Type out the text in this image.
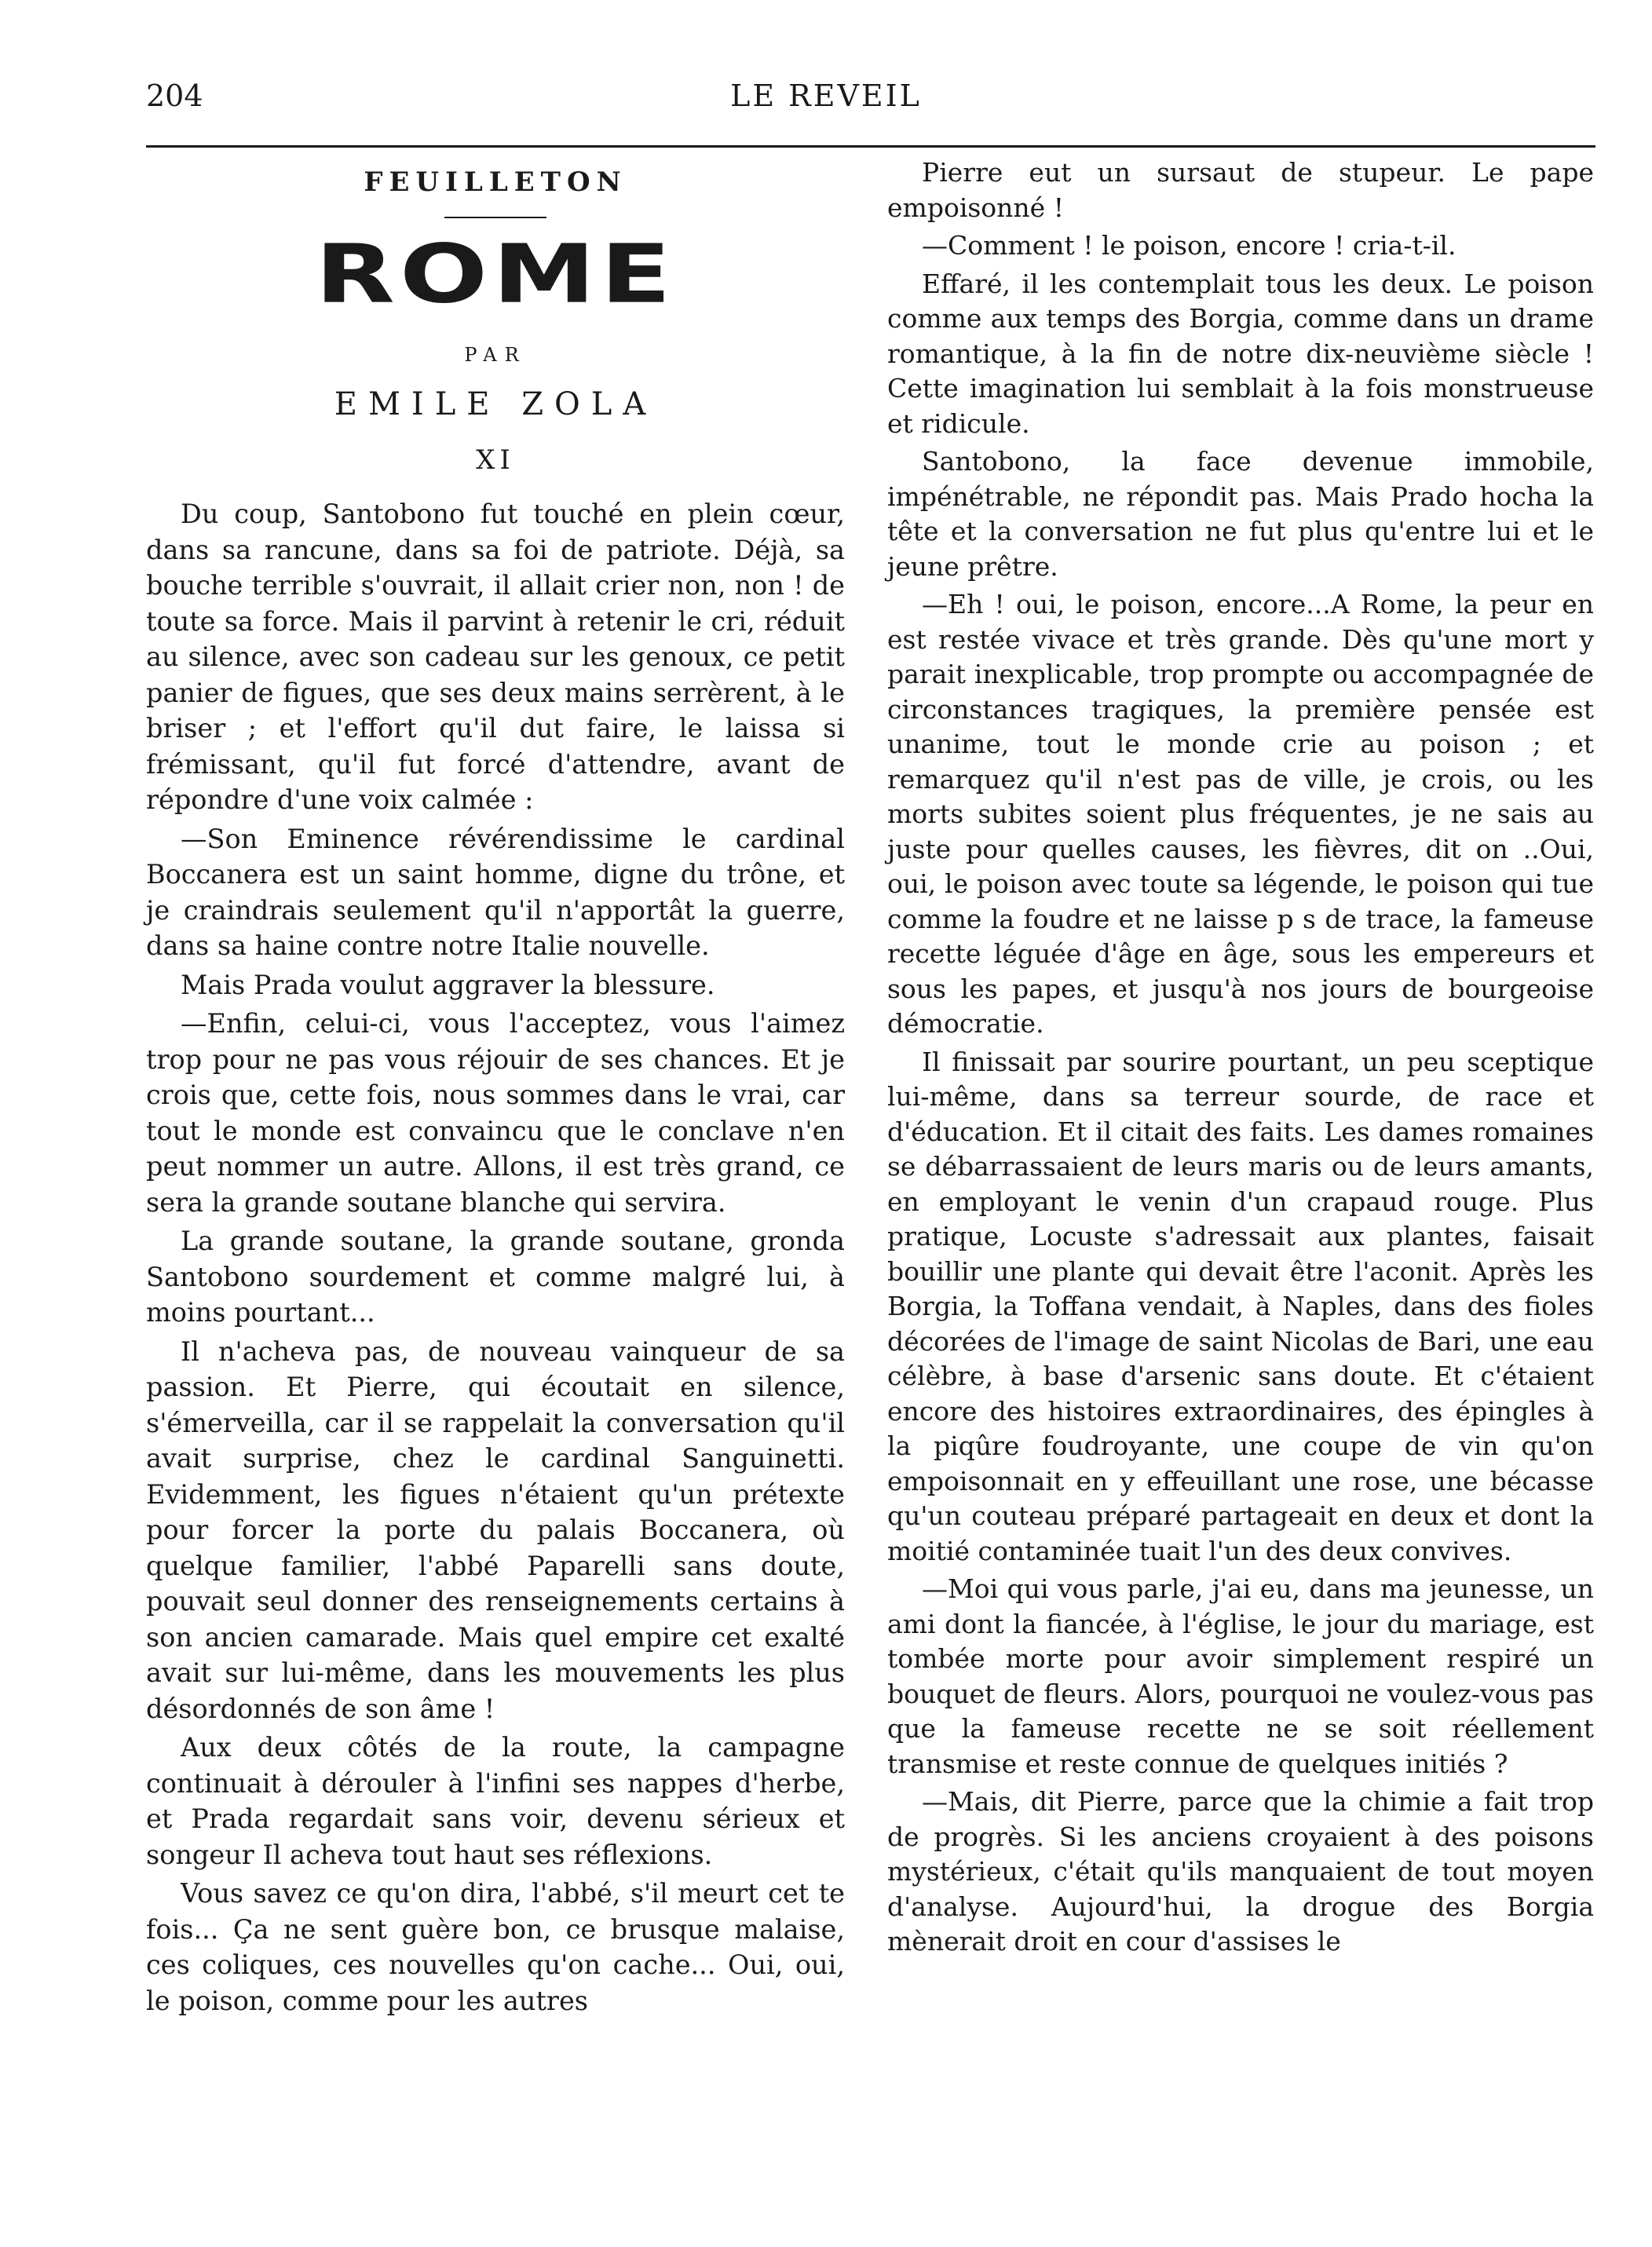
204	LE REVEIL
FEUILLETON
ROME
PAR
EMILE ZOLA
XI

Du coup, Santobono fut touché en plein cœur, dans sa rancune, dans sa foi de patriote. Déjà, sa bouche terrible s'ouvrait, il allait crier non, non ! de toute sa force. Mais il parvint à retenir le cri, réduit au silence, avec son cadeau sur les genoux, ce petit panier de figues, que ses deux mains serrèrent, à le briser ; et l'effort qu'il dut faire, le laissa si frémissant, qu'il fut forcé d'attendre, avant de répondre d'une voix calmée :

—Son Eminence révérendissime le cardinal Boccanera est un saint homme, digne du trône, et je craindrais seulement qu'il n'apportât la guerre, dans sa haine contre notre Italie nouvelle.

Mais Prada voulut aggraver la blessure.

—Enfin, celui-ci, vous l'acceptez, vous l'aimez trop pour ne pas vous réjouir de ses chances. Et je crois que, cette fois, nous sommes dans le vrai, car tout le monde est convaincu que le conclave n'en peut nommer un autre. Allons, il est très grand, ce sera la grande soutane blanche qui servira.

La grande soutane, la grande soutane, gronda Santobono sourdement et comme malgré lui, à moins pourtant...

Il n'acheva pas, de nouveau vainqueur de sa passion. Et Pierre, qui écoutait en silence, s'émerveilla, car il se rappelait la conversation qu'il avait surprise, chez le cardinal Sanguinetti. Evidemment, les figues n'étaient qu'un prétexte pour forcer la porte du palais Boccanera, où quelque familier, l'abbé Paparelli sans doute, pouvait seul donner des renseignements certains à son ancien camarade. Mais quel empire cet exalté avait sur lui-même, dans les mouvements les plus désordonnés de son âme !

Aux deux côtés de la route, la campagne continuait à dérouler à l'infini ses nappes d'herbe, et Prada regardait sans voir, devenu sérieux et songeur Il acheva tout haut ses réflexions.

Vous savez ce qu'on dira, l'abbé, s'il meurt cet te fois... Ça ne sent guère bon, ce brusque malaise, ces coliques, ces nouvelles qu'on cache... Oui, oui, le poison, comme pour les autres

Pierre eut un sursaut de stupeur. Le pape empoisonné !

—Comment ! le poison, encore ! cria-t-il.

Effaré, il les contemplait tous les deux. Le poison comme aux temps des Borgia, comme dans un drame romantique, à la fin de notre dix-neuvième siècle ! Cette imagination lui semblait à la fois monstrueuse et ridicule.

Santobono, la face devenue immobile, impénétrable, ne répondit pas. Mais Prado hocha la tête et la conversation ne fut plus qu'entre lui et le jeune prêtre.

—Eh ! oui, le poison, encore...A Rome, la peur en est restée vivace et très grande. Dès qu'une mort y parait inexplicable, trop prompte ou accompagnée de circonstances tragiques, la première pensée est unanime, tout le monde crie au poison ; et remarquez qu'il n'est pas de ville, je crois, ou les morts subites soient plus fréquentes, je ne sais au juste pour quelles causes, les fièvres, dit on ..Oui, oui, le poison avec toute sa légende, le poison qui tue comme la foudre et ne laisse p s de trace, la fameuse recette léguée d'âge en âge, sous les empereurs et sous les papes, et jusqu'à nos jours de bourgeoise démocratie.

Il finissait par sourire pourtant, un peu sceptique lui-même, dans sa terreur sourde, de race et d'éducation. Et il citait des faits. Les dames romaines se débarrassaient de leurs maris ou de leurs amants, en employant le venin d'un crapaud rouge. Plus pratique, Locuste s'adressait aux plantes, faisait bouillir une plante qui devait être l'aconit. Après les Borgia, la Toffana vendait, à Naples, dans des fioles décorées de l'image de saint Nicolas de Bari, une eau célèbre, à base d'arsenic sans doute. Et c'étaient encore des histoires extraordinaires, des épingles à la piqûre foudroyante, une coupe de vin qu'on empoisonnait en y effeuillant une rose, une bécasse qu'un couteau préparé partageait en deux et dont la moitié contaminée tuait l'un des deux convives.

—Moi qui vous parle, j'ai eu, dans ma jeunesse, un ami dont la fiancée, à l'église, le jour du mariage, est tombée morte pour avoir simplement respiré un bouquet de fleurs. Alors, pourquoi ne voulez-vous pas que la fameuse recette ne se soit réellement transmise et reste connue de quelques initiés ?

—Mais, dit Pierre, parce que la chimie a fait trop de progrès. Si les anciens croyaient à des poisons mystérieux, c'était qu'ils manquaient de tout moyen d'analyse. Aujourd'hui, la drogue des Borgia mènerait droit en cour d'assises le
